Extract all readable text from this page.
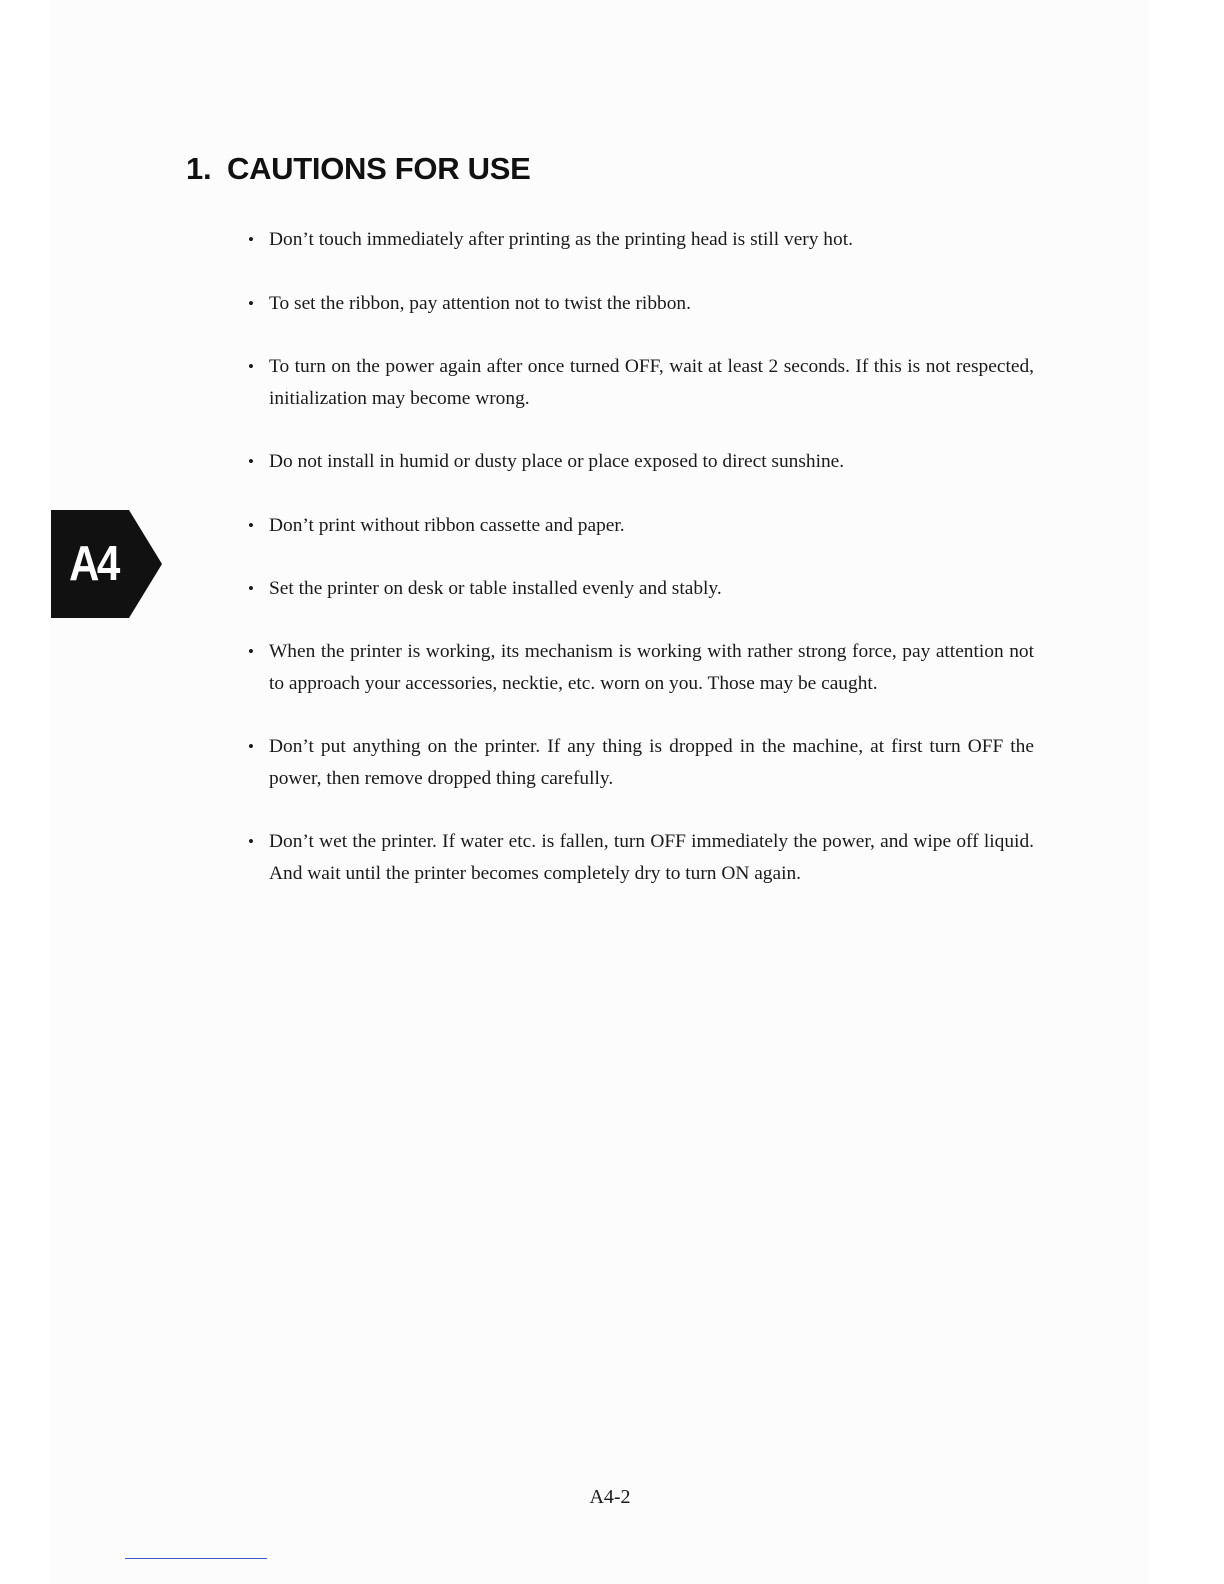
1. CAUTIONS FOR USE
A4
• Don’t touch immediately after printing as the printing head is still very hot.
• To set the ribbon, pay attention not to twist the ribbon.
• To turn on the power again after once turned OFF, wait at least 2 seconds. If this is not respected, initialization may become wrong.
• Do not install in humid or dusty place or place exposed to direct sunshine.
• Don’t print without ribbon cassette and paper.
• Set the printer on desk or table installed evenly and stably.
• When the printer is working, its mechanism is working with rather strong force, pay attention not to approach your accessories, necktie, etc. worn on you. Those may be caught.
• Don’t put anything on the printer. If any thing is dropped in the machine, at first turn OFF the power, then remove dropped thing carefully.
• Don’t wet the printer. If water etc. is fallen, turn OFF immediately the power, and wipe off liquid. And wait until the printer becomes completely dry to turn ON again.
A4-2
